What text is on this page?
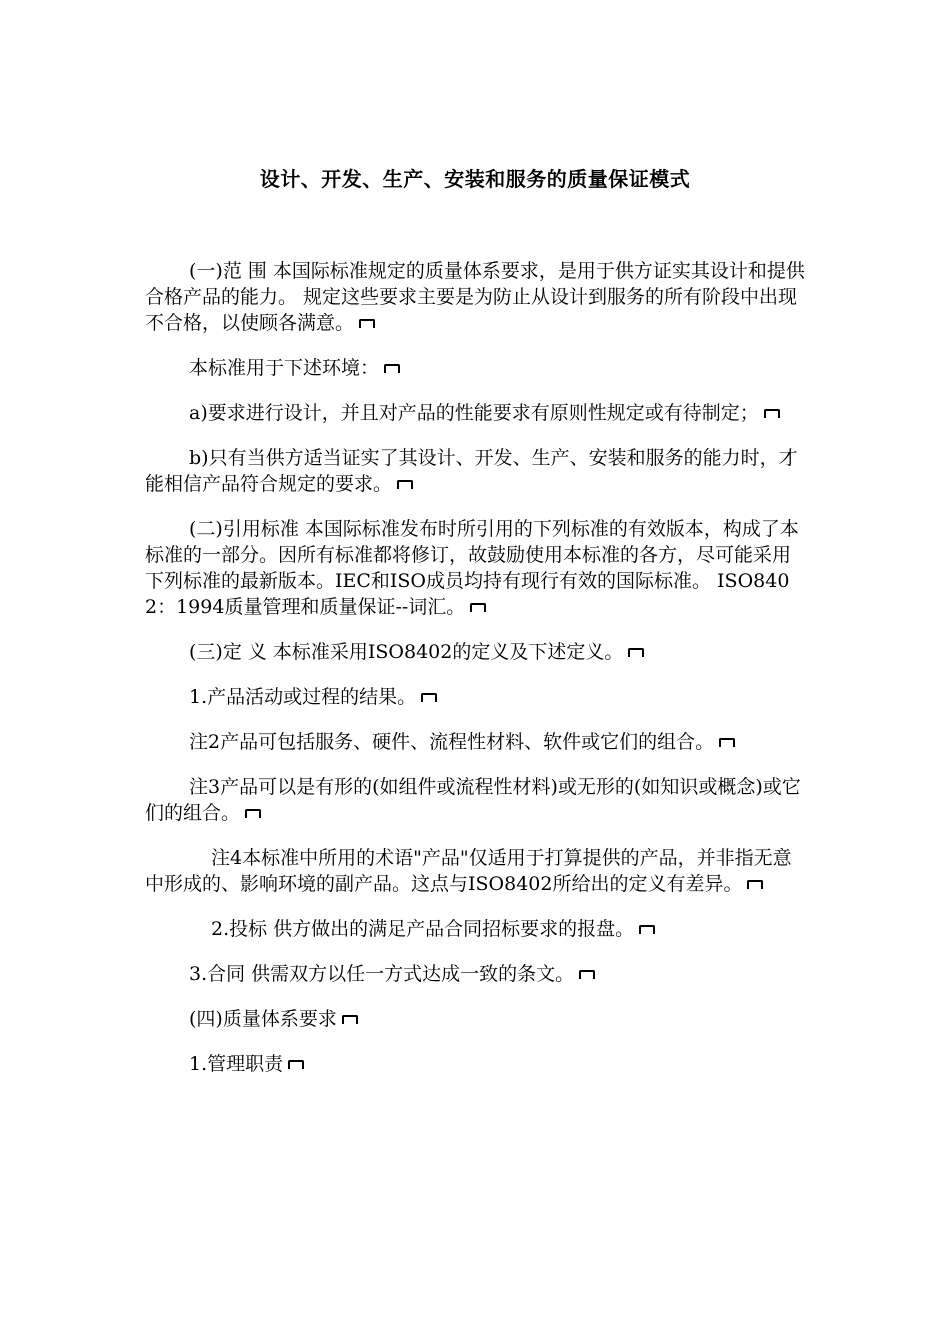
设计、开发、生产、安装和服务的质量保证模式

(一)范 围 本国际标准规定的质量体系要求，是用于供方证实其设计和提供合格产品的能力。 规定这些要求主要是为防止从设计到服务的所有阶段中出现不合格，以使顾各满意。

本标准用于下述环境：

a)要求进行设计，并且对产品的性能要求有原则性规定或有待制定；

b)只有当供方适当证实了其设计、开发、生产、安装和服务的能力时，才能相信产品符合规定的要求。

(二)引用标准 本国际标准发布时所引用的下列标准的有效版本，构成了本标准的一部分。因所有标准都将修订，故鼓励使用本标准的各方，尽可能采用下列标准的最新版本。IEC和ISO成员均持有现行有效的国际标准。 ISO8402：1994质量管理和质量保证--词汇。

(三)定 义 本标准采用ISO8402的定义及下述定义。

1.产品活动或过程的结果。

注2产品可包括服务、硬件、流程性材料、软件或它们的组合。

注3产品可以是有形的(如组件或流程性材料)或无形的(如知识或概念)或它们的组合。

注4本标准中所用的术语"产品"仅适用于打算提供的产品，并非指无意中形成的、影响环境的副产品。这点与ISO8402所给出的定义有差异。

2.投标 供方做出的满足产品合同招标要求的报盘。

3.合同 供需双方以任一方式达成一致的条文。

(四)质量体系要求

1.管理职责
